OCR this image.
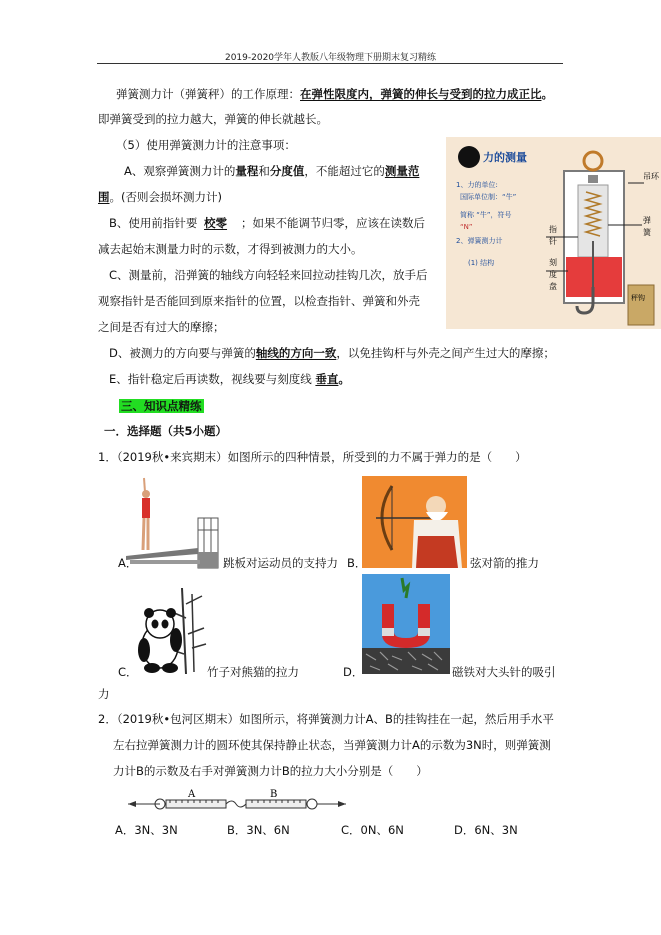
2019-2020学年人教版八年级物理下册期末复习精练
弹簧测力计（弹簧秤）的工作原理：在弹性限度内，弹簧的伸长与受到的拉力成正比。
即弹簧受到的拉力越大，弹簧的伸长就越长。
（5）使用弹簧测力计的注意事项：
A、观察弹簧测力计的量程和分度值，不能超过它的测量范
围。(否则会损坏测力计)
B、使用前指针要 校零 ；如果不能调节归零，应该在读数后
减去起始末测量力时的示数，才得到被测力的大小。
C、测量前，沿弹簧的轴线方向轻轻来回拉动挂钩几次，放手后
观察指针是否能回到原来指针的位置，以检查指针、弹簧和外壳
之间是否有过大的摩擦；
D、被测力的方向要与弹簧的轴线的方向一致，以免挂钩杆与外壳之间产生过大的摩擦；
E、指针稳定后再读数，视线要与刻度线 垂直。
力的测量
1、力的单位:
国际单位制：“牛”
简称 “牛”，符号
“N”
2、弹簧测力计
(1) 结构
吊环
弹
簧
指
针
刻
度
盘
秤钩
三、知识点精练
一．选择题（共5小题）
1．（2019秋•来宾期末）如图所示的四种情景，所受到的力不属于弹力的是（　　）
A．	跳板对运动员的支持力 B．	弦对箭的推力
C．	竹子对熊猫的拉力	D．	磁铁对大头针的吸引
力
2．（2019秋•包河区期末）如图所示，将弹簧测力计A、B的挂钩挂在一起，然后用手水平
左右拉弹簧测力计的圆环使其保持静止状态，当弹簧测力计A的示数为3N时，则弹簧测
力计B的示数及右手对弹簧测力计B的拉力大小分别是（　　）
A	B
A．3N、3N	B．3N、6N	C．0N、6N	D．6N、3N
